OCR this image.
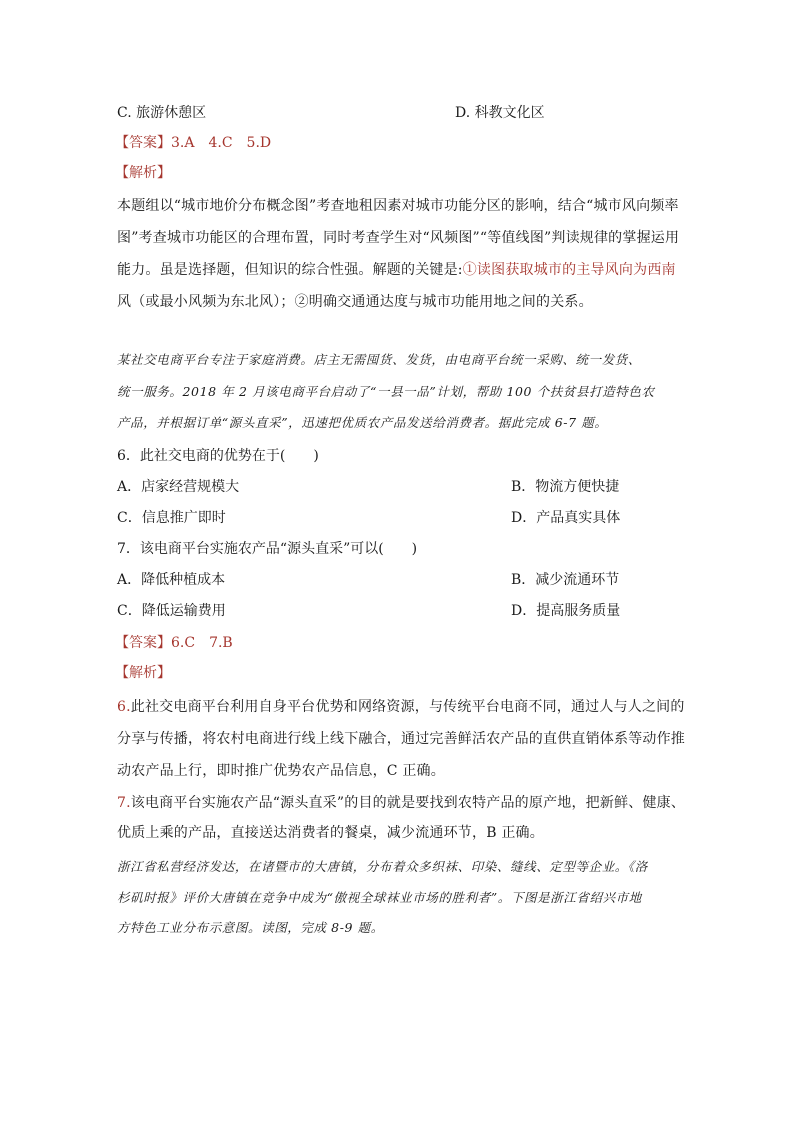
C. 旅游休憩区	D. 科教文化区
【答案】3.A　4.C　5.D
【解析】
本题组以“城市地价分布概念图”考查地租因素对城市功能分区的影响，结合“城市风向频率
图”考查城市功能区的合理布置，同时考查学生对“风频图”“等值线图”判读规律的掌握运用
能力。虽是选择题，但知识的综合性强。解题的关键是:①读图获取城市的主导风向为西南
风（或最小风频为东北风）；②明确交通通达度与城市功能用地之间的关系。
某社交电商平台专注于家庭消费。店主无需囤货、发货，由电商平台统一采购、统一发货、
统一服务。2018 年 2 月该电商平台启动了“一县一品”计划，帮助 100 个扶贫县打造特色农
产品，并根据订单“源头直采”，迅速把优质农产品发送给消费者。据此完成 6-7 题。
6．此社交电商的优势在于(　　)
A．店家经营规模大	B．物流方便快捷
C．信息推广即时	D．产品真实具体
7．该电商平台实施农产品“源头直采”可以(　　)
A．降低种植成本	B．减少流通环节
C．降低运输费用	D．提高服务质量
【答案】6.C　7.B
【解析】
6.此社交电商平台利用自身平台优势和网络资源，与传统平台电商不同，通过人与人之间的
分享与传播，将农村电商进行线上线下融合，通过完善鲜活农产品的直供直销体系等动作推
动农产品上行，即时推广优势农产品信息，C 正确。
7.该电商平台实施农产品“源头直采”的目的就是要找到农特产品的原产地，把新鲜、健康、
优质上乘的产品，直接送达消费者的餐桌，减少流通环节，B 正确。
浙江省私营经济发达，在诸暨市的大唐镇，分布着众多织袜、印染、缝线、定型等企业。《洛
杉矶时报》评价大唐镇在竞争中成为“傲视全球袜业市场的胜利者”。下图是浙江省绍兴市地
方特色工业分布示意图。读图，完成 8-9 题。
